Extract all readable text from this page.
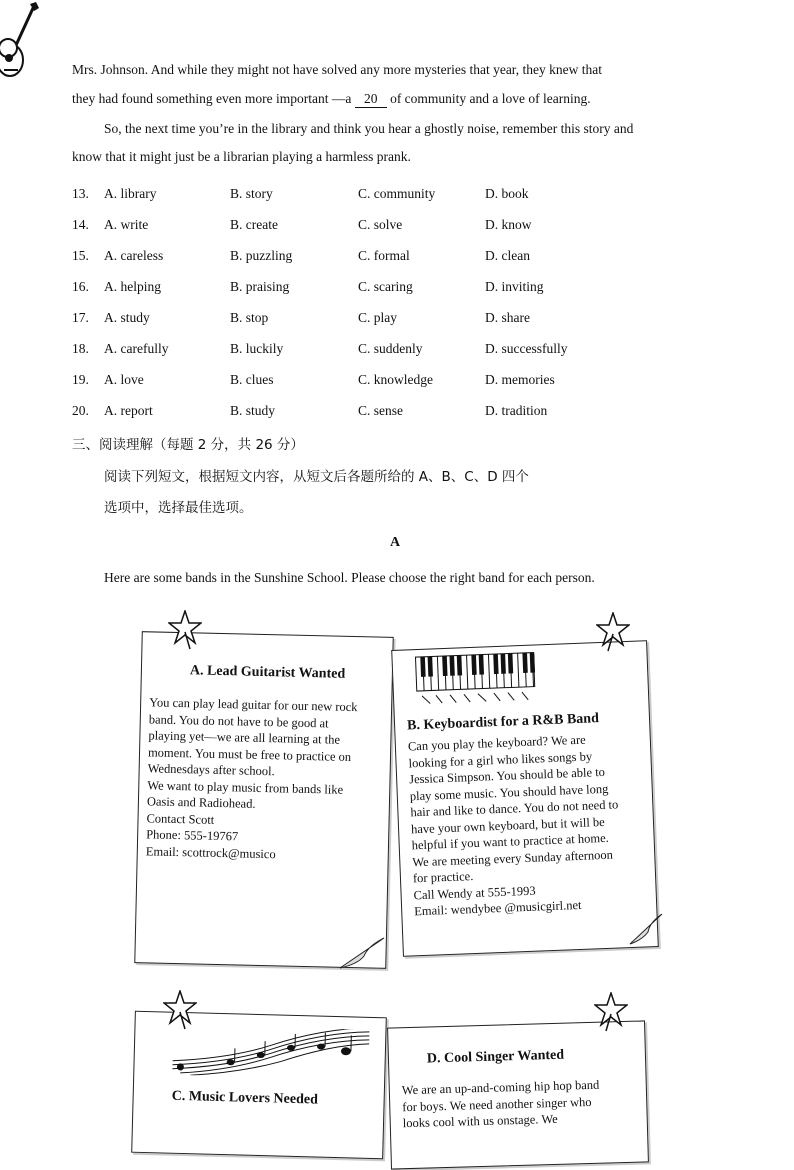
Mrs. Johnson. And while they might not have solved any more mysteries that year, they knew that
they had found something even more important —a 20 of community and a love of learning.
So, the next time you’re in the library and think you hear a ghostly noise, remember this story and
know that it might just be a librarian playing a harmless prank.
13. A. library	B. story	C. community	D. book
14. A. write	B. create	C. solve	D. know
15. A. careless	B. puzzling	C. formal	D. clean
16. A. helping	B. praising	C. scaring	D. inviting
17. A. study	B. stop	C. play	D. share
18. A. carefully	B. luckily	C. suddenly	D. successfully
19. A. love	B. clues	C. knowledge	D. memories
20. A. report	B. study	C. sense	D. tradition
三、阅读理解（每题 2 分，共 26 分）
阅读下列短文，根据短文内容，从短文后各题所给的 A、B、C、D 四个
选项中，选择最佳选项。
A
Here are some bands in the Sunshine School. Please choose the right band for each person.
A. Lead Guitarist Wanted
You can play lead guitar for our new rock
band. You do not have to be good at
playing yet—we are all learning at the
moment. You must be free to practice on
Wednesdays after school.
We want to play music from bands like
Oasis and Radiohead.
Contact Scott
Phone: 555-19767
Email: scottrock@musico
B. Keyboardist for a R&B Band
Can you play the keyboard? We are
looking for a girl who likes songs by
Jessica Simpson. You should be able to
play some music. You should have long
hair and like to dance. You do not need to
have your own keyboard, but it will be
helpful if you want to practice at home.
We are meeting every Sunday afternoon
for practice.
Call Wendy at 555-1993
Email: wendybee @musicgirl.net
C. Music Lovers Needed
D. Cool Singer Wanted
We are an up-and-coming hip hop band
for boys. We need another singer who
looks cool with us onstage. We
